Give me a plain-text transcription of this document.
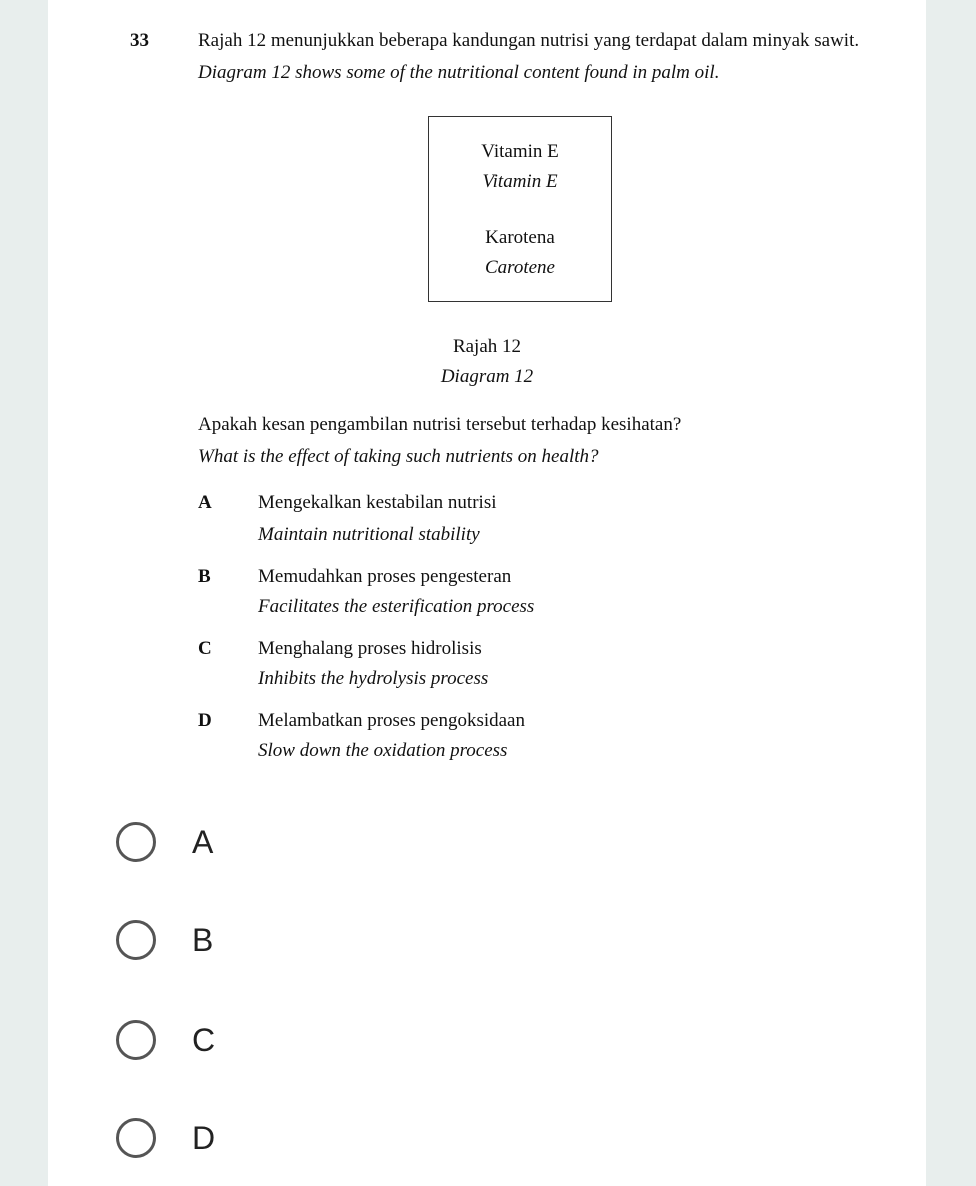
33	Rajah 12 menunjukkan beberapa kandungan nutrisi yang terdapat dalam minyak sawit.
Diagram 12 shows some of the nutritional content found in palm oil.
Vitamin E
Vitamin E
Karotena
Carotene
Rajah 12
Diagram 12
Apakah kesan pengambilan nutrisi tersebut terhadap kesihatan?
What is the effect of taking such nutrients on health?
A Mengekalkan kestabilan nutrisi
Maintain nutritional stability
B Memudahkan proses pengesteran
Facilitates the esterification process
C Menghalang proses hidrolisis
Inhibits the hydrolysis process
D Melambatkan proses pengoksidaan
Slow down the oxidation process
A
B
C
D
